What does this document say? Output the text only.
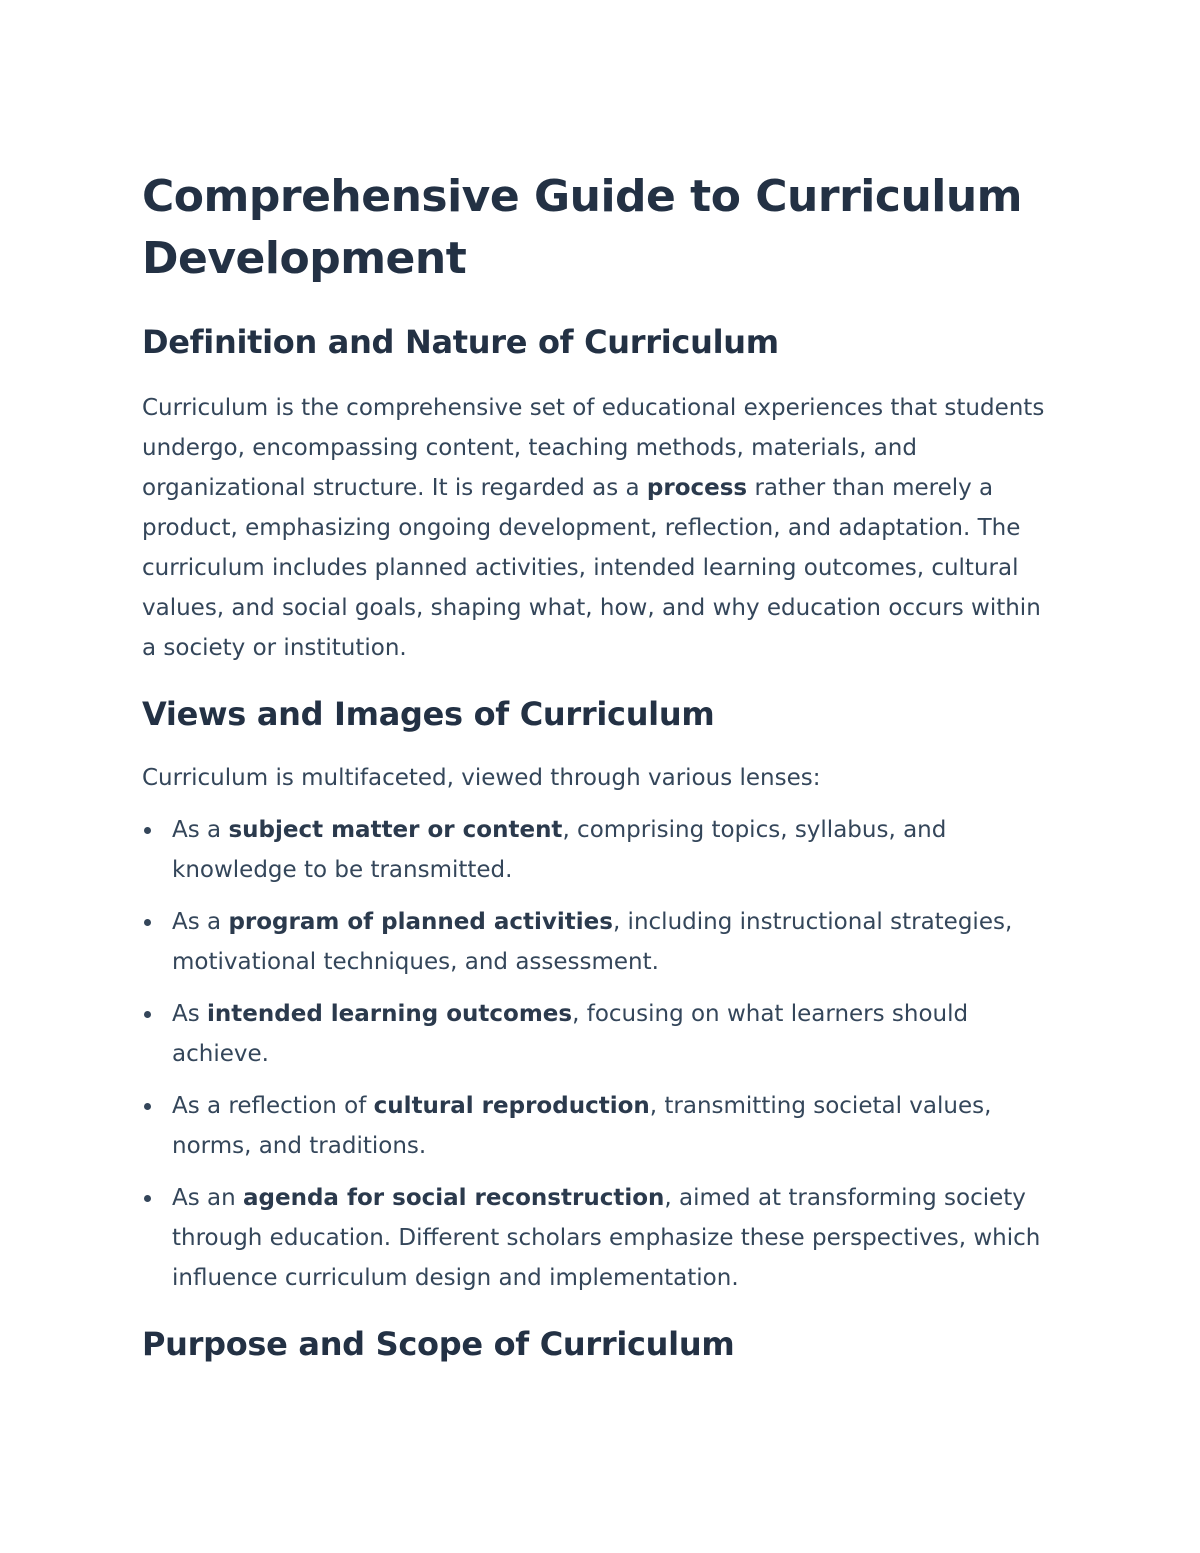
Comprehensive Guide to Curriculum Development
Definition and Nature of Curriculum

Curriculum is the comprehensive set of educational experiences that students undergo, encompassing content, teaching methods, materials, and organizational structure. It is regarded as a process rather than merely a product, emphasizing ongoing development, reflection, and adaptation. The curriculum includes planned activities, intended learning outcomes, cultural values, and social goals, shaping what, how, and why education occurs within a society or institution.

Views and Images of Curriculum

Curriculum is multifaceted, viewed through various lenses:

As a subject matter or content, comprising topics, syllabus, and knowledge to be transmitted.
As a program of planned activities, including instructional strategies, motivational techniques, and assessment.
As intended learning outcomes, focusing on what learners should achieve.
As a reflection of cultural reproduction, transmitting societal values, norms, and traditions.
As an agenda for social reconstruction, aimed at transforming society through education. Different scholars emphasize these perspectives, which influence curriculum design and implementation.
Purpose and Scope of Curriculum
